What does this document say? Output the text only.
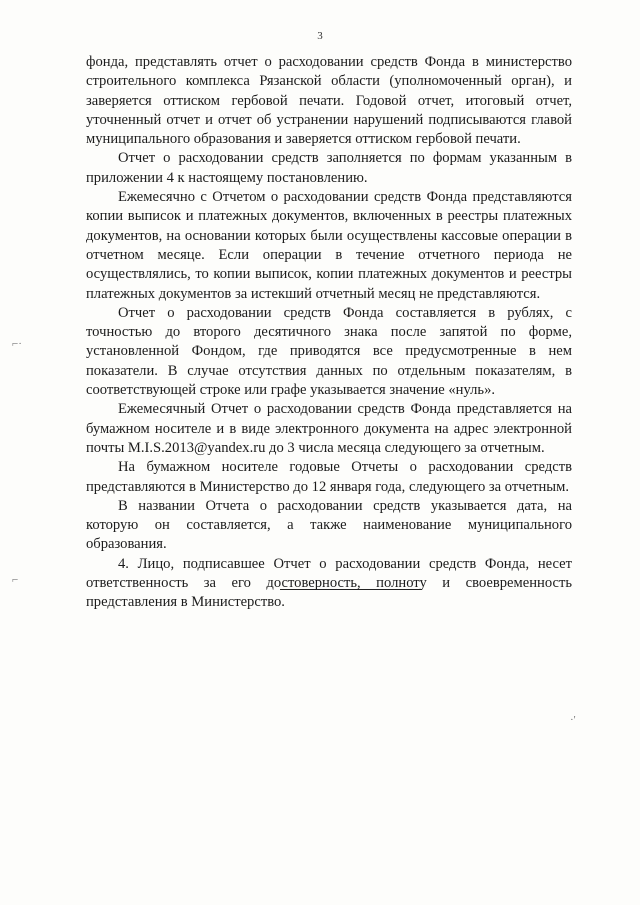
3

фонда, представлять отчет о расходовании средств Фонда в министерство строительного комплекса Рязанской области (уполномоченный орган), и заверяется оттиском гербовой печати. Годовой отчет, итоговый отчет, уточненный отчет и отчет об устранении нарушений подписываются главой муниципального образования и заверяется оттиском гербовой печати.

Отчет о расходовании средств заполняется по формам указанным в приложении 4 к настоящему постановлению.

Ежемесячно с Отчетом о расходовании средств Фонда представляются копии выписок и платежных документов, включенных в реестры платежных документов, на основании которых были осуществлены кассовые операции в отчетном месяце. Если операции в течение отчетного периода не осуществлялись, то копии выписок, копии платежных документов и реестры платежных документов за истекший отчетный месяц не представляются.

Отчет о расходовании средств Фонда составляется в рублях, с точностью до второго десятичного знака после запятой по форме, установленной Фондом, где приводятся все предусмотренные в нем показатели. В случае отсутствия данных по отдельным показателям, в соответствующей строке или графе указывается значение «нуль».

Ежемесячный Отчет о расходовании средств Фонда представляется на бумажном носителе и в виде электронного документа на адрес электронной почты M.I.S.2013@yandex.ru до 3 числа месяца следующего за отчетным.

На бумажном носителе годовые Отчеты о расходовании средств представляются в Министерство до 12 января года, следующего за отчетным.

В названии Отчета о расходовании средств указывается дата, на которую он составляется, а также наименование муниципального образования.

4. Лицо, подписавшее Отчет о расходовании средств Фонда, несет ответственность за его достоверность, полноту и своевременность представления в Министерство.

⌐·
⌐
·'
